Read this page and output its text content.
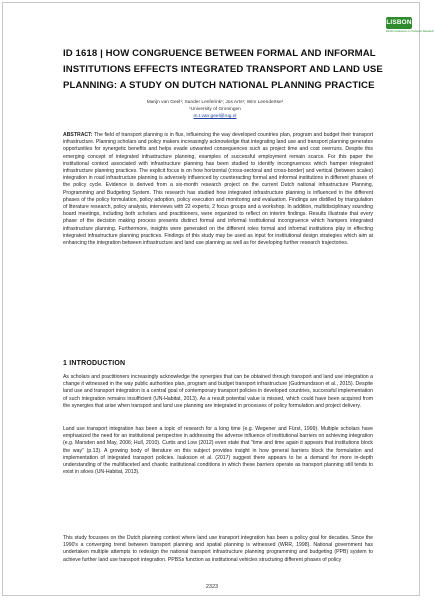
LISBON
World Conference on Transport Research
ID 1618 | HOW CONGRUENCE BETWEEN FORMAL AND INFORMAL
INSTITUTIONS EFFECTS INTEGRATED TRANSPORT AND LAND USE
PLANNING: A STUDY ON DUTCH NATIONAL PLANNING PRACTICE
Marijn van Geel¹; Sander Lenferink¹; Jos Arts¹; Wim Leendertse¹
¹University of Groningen
m.t.van.geel@rug.nl
ABSTRACT: The field of transport planning is in flux, influencing the way developed countries plan, program and budget their transport infrastructure. Planning scholars and policy makers increasingly acknowledge that integrating land use and transport planning generates opportunities for synergetic benefits and helps evade unwanted consequences such as project time and cost overruns. Despite this emerging concept of integrated infrastructure planning, examples of successful employment remain scarce. For this paper the institutional context associated with infrastructure planning has been studied to identify incongruences which hamper integrated infrastructure planning practices. The explicit focus is on how horizontal (cross-sectoral and cross-border) and vertical (between scales) integration in road infrastructure planning is adversely influenced by counteracting formal and informal institutions in different phases of the policy cycle. Evidence is derived from a six-month research project on the current Dutch national infrastructure Planning, Programming and Budgeting System. This research has studied how integrated infrastructure planning is influenced in the different phases of the policy formulation, policy adoption, policy execution and monitoring and evaluation. Findings are distilled by triangulation of literature research, policy analysis, interviews with 22 experts, 2 focus groups and a workshop. In addition, multidisciplinary sounding board meetings, including both scholars and practitioners, were organized to reflect on interim findings. Results illustrate that every phase of the decision making process presents distinct formal and informal institutional incongruence which hampers integrated infrastructure planning. Furthermore, insights were generated on the different roles formal and informal institutions play in effecting integrated infrastructure planning practices. Findings of this study may be used as input for institutional design strategies which aim at enhancing the integration between infrastructure and land use planning as well as for developing further research trajectories.
1 INTRODUCTION
As scholars and practitioners increasingly acknowledge the synergies that can be obtained through transport and land use integration a change it witnessed in the way public authorities plan, program and budget transport infrastructure (Gudmundsson et al., 2015). Despite land use and transport integration is a central goal of contemporary transport policies in developed countries, successful implementation of such integration remains insufficient (UN-Habitat, 2013). As a result potential value is missed, which could have been acquired from the synergies that arise when transport and land use planning are integrated in processes of policy formulation and project delivery.
Land use transport integration has been a topic of research for a long time (e.g. Wegener and Fürst, 1999). Multiple scholars have emphasized the need for an institutional perspective in addressing the adverse influence of institutional barriers on achieving integration (e.g. Marsden and May, 2006; Hull, 2010). Curtis and Low (2012) even state that "time and time again it appears that institutions block the way" (p.13). A growing body of literature on this subject provides insight in how general barriers block the formulation and implementation of integrated transport policies. Isaksson et al. (2017) suggest there appears to be a demand for more in-depth understanding of the multifaceted and chaotic institutional conditions in which these barriers operate as transport planning still tends to exist in siloes (UN-Habitat, 2013).
This study focusses on the Dutch planning context where land use transport integration has been a policy goal for decades. Since the 1990's a converging trend between transport planning and spatial planning is witnessed (WRR, 1998). National government has undertaken multiple attempts to redesign the national transport infrastructure planning programming and budgeting (PPB) system to achieve further land use transport integration. PPBSs function as institutional vehicles structuring different phases of policy
2323
